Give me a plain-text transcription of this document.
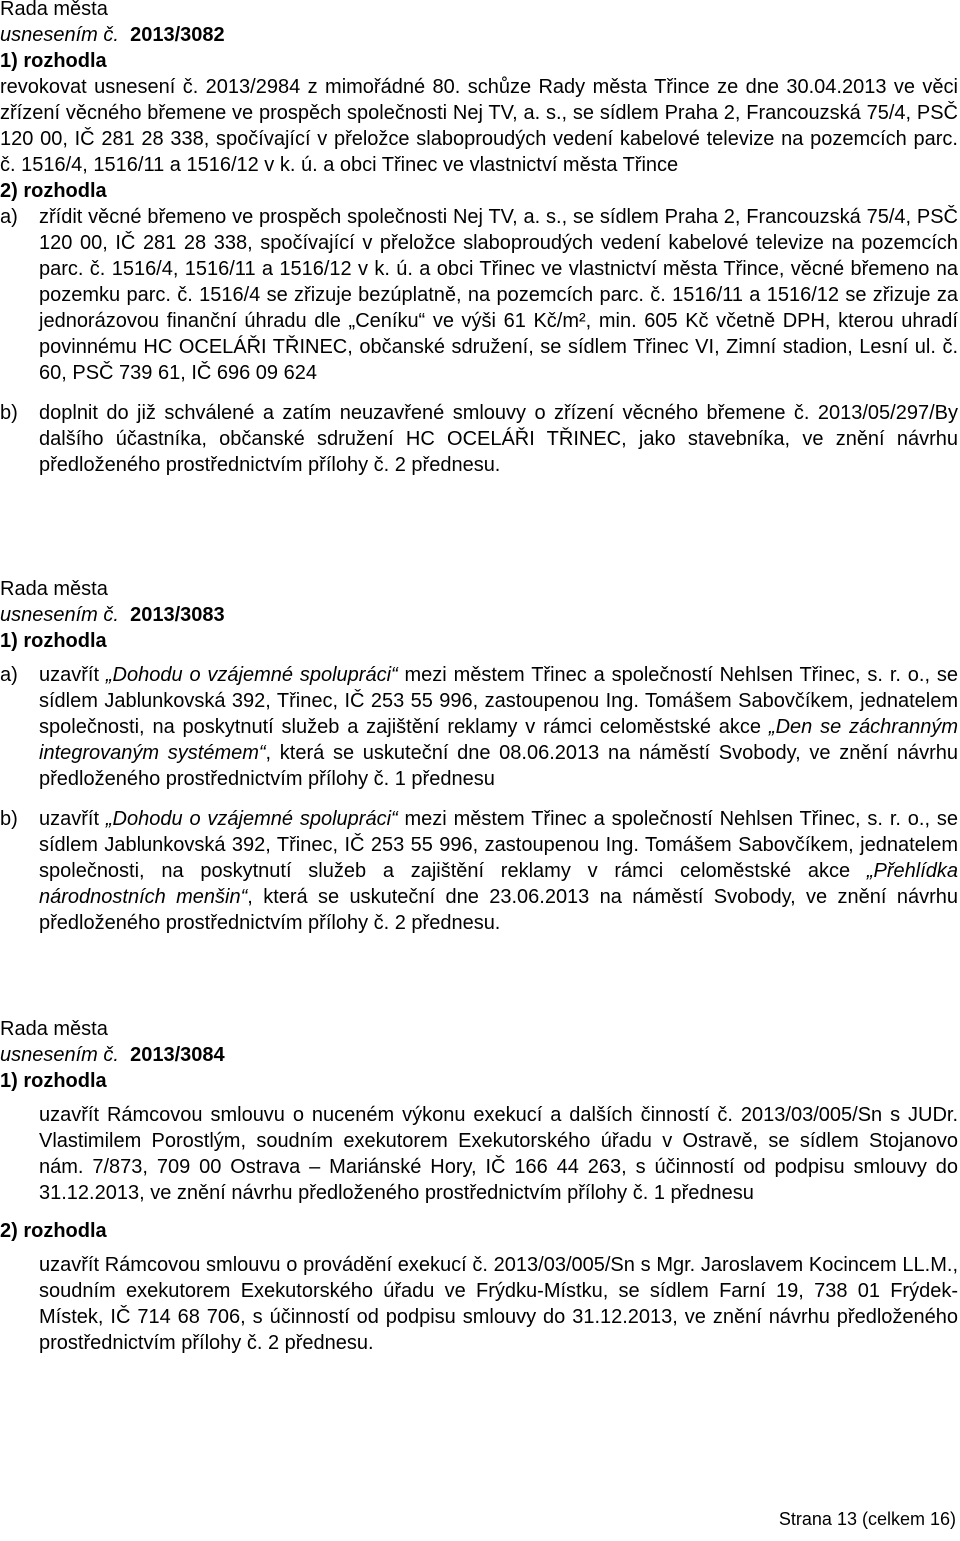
Rada města
usnesením č. 2013/3082
1) rozhodla
revokovat usnesení č. 2013/2984 z mimořádné 80. schůze Rady města Třince ze dne 30.04.2013 ve věci zřízení věcného břemene ve prospěch společnosti Nej TV, a. s., se sídlem Praha 2, Francouzská 75/4, PSČ 120 00, IČ 281 28 338, spočívající v přeložce slaboproudých vedení kabelové televize na pozemcích parc. č. 1516/4, 1516/11 a 1516/12 v k. ú. a obci Třinec ve vlastnictví města Třince
2) rozhodla
a)	zřídit věcné břemeno ve prospěch společnosti Nej TV, a. s., se sídlem Praha 2, Francouzská 75/4, PSČ 120 00, IČ 281 28 338, spočívající v přeložce slaboproudých vedení kabelové televize na pozemcích parc. č. 1516/4, 1516/11 a 1516/12 v k. ú. a obci Třinec ve vlastnictví města Třince, věcné břemeno na pozemku parc. č. 1516/4 se zřizuje bezúplatně, na pozemcích parc. č. 1516/11 a 1516/12 se zřizuje za jednorázovou finanční úhradu dle „Ceníku“ ve výši 61 Kč/m², min. 605 Kč včetně DPH, kterou uhradí povinnému HC OCELÁŘI TŘINEC, občanské sdružení, se sídlem Třinec VI, Zimní stadion, Lesní ul. č. 60, PSČ 739 61, IČ 696 09 624
b)	doplnit do již schválené a zatím neuzavřené smlouvy o zřízení věcného břemene č. 2013/05/297/By dalšího účastníka, občanské sdružení HC OCELÁŘI TŘINEC, jako stavebníka, ve znění návrhu předloženého prostřednictvím přílohy č. 2 přednesu.
Rada města
usnesením č. 2013/3083
1) rozhodla
a)	uzavřít „Dohodu o vzájemné spolupráci“ mezi městem Třinec a společností Nehlsen Třinec, s. r. o., se sídlem Jablunkovská 392, Třinec, IČ 253 55 996, zastoupenou Ing. Tomášem Sabovčíkem, jednatelem společnosti, na poskytnutí služeb a zajištění reklamy v rámci celoměstské akce „Den se záchranným integrovaným systémem“, která se uskuteční dne 08.06.2013 na náměstí Svobody, ve znění návrhu předloženého prostřednictvím přílohy č. 1 přednesu
b)	uzavřít „Dohodu o vzájemné spolupráci“ mezi městem Třinec a společností Nehlsen Třinec, s. r. o., se sídlem Jablunkovská 392, Třinec, IČ 253 55 996, zastoupenou Ing. Tomášem Sabovčíkem, jednatelem společnosti, na poskytnutí služeb a zajištění reklamy v rámci celoměstské akce „Přehlídka národnostních menšin“, která se uskuteční dne 23.06.2013 na náměstí Svobody, ve znění návrhu předloženého prostřednictvím přílohy č. 2 přednesu.
Rada města
usnesením č. 2013/3084
1) rozhodla
uzavřít Rámcovou smlouvu o nuceném výkonu exekucí a dalších činností č. 2013/03/005/Sn s JUDr. Vlastimilem Porostlým, soudním exekutorem Exekutorského úřadu v Ostravě, se sídlem Stojanovo nám. 7/873, 709 00 Ostrava – Mariánské Hory, IČ 166 44 263, s účinností od podpisu smlouvy do 31.12.2013, ve znění návrhu předloženého prostřednictvím přílohy č. 1 přednesu
2) rozhodla
uzavřít Rámcovou smlouvu o provádění exekucí č. 2013/03/005/Sn s Mgr. Jaroslavem Kocincem LL.M., soudním exekutorem Exekutorského úřadu ve Frýdku-Místku, se sídlem Farní 19, 738 01 Frýdek-Místek, IČ 714 68 706, s účinností od podpisu smlouvy do 31.12.2013, ve znění návrhu předloženého prostřednictvím přílohy č. 2 přednesu.
Strana 13 (celkem 16)
